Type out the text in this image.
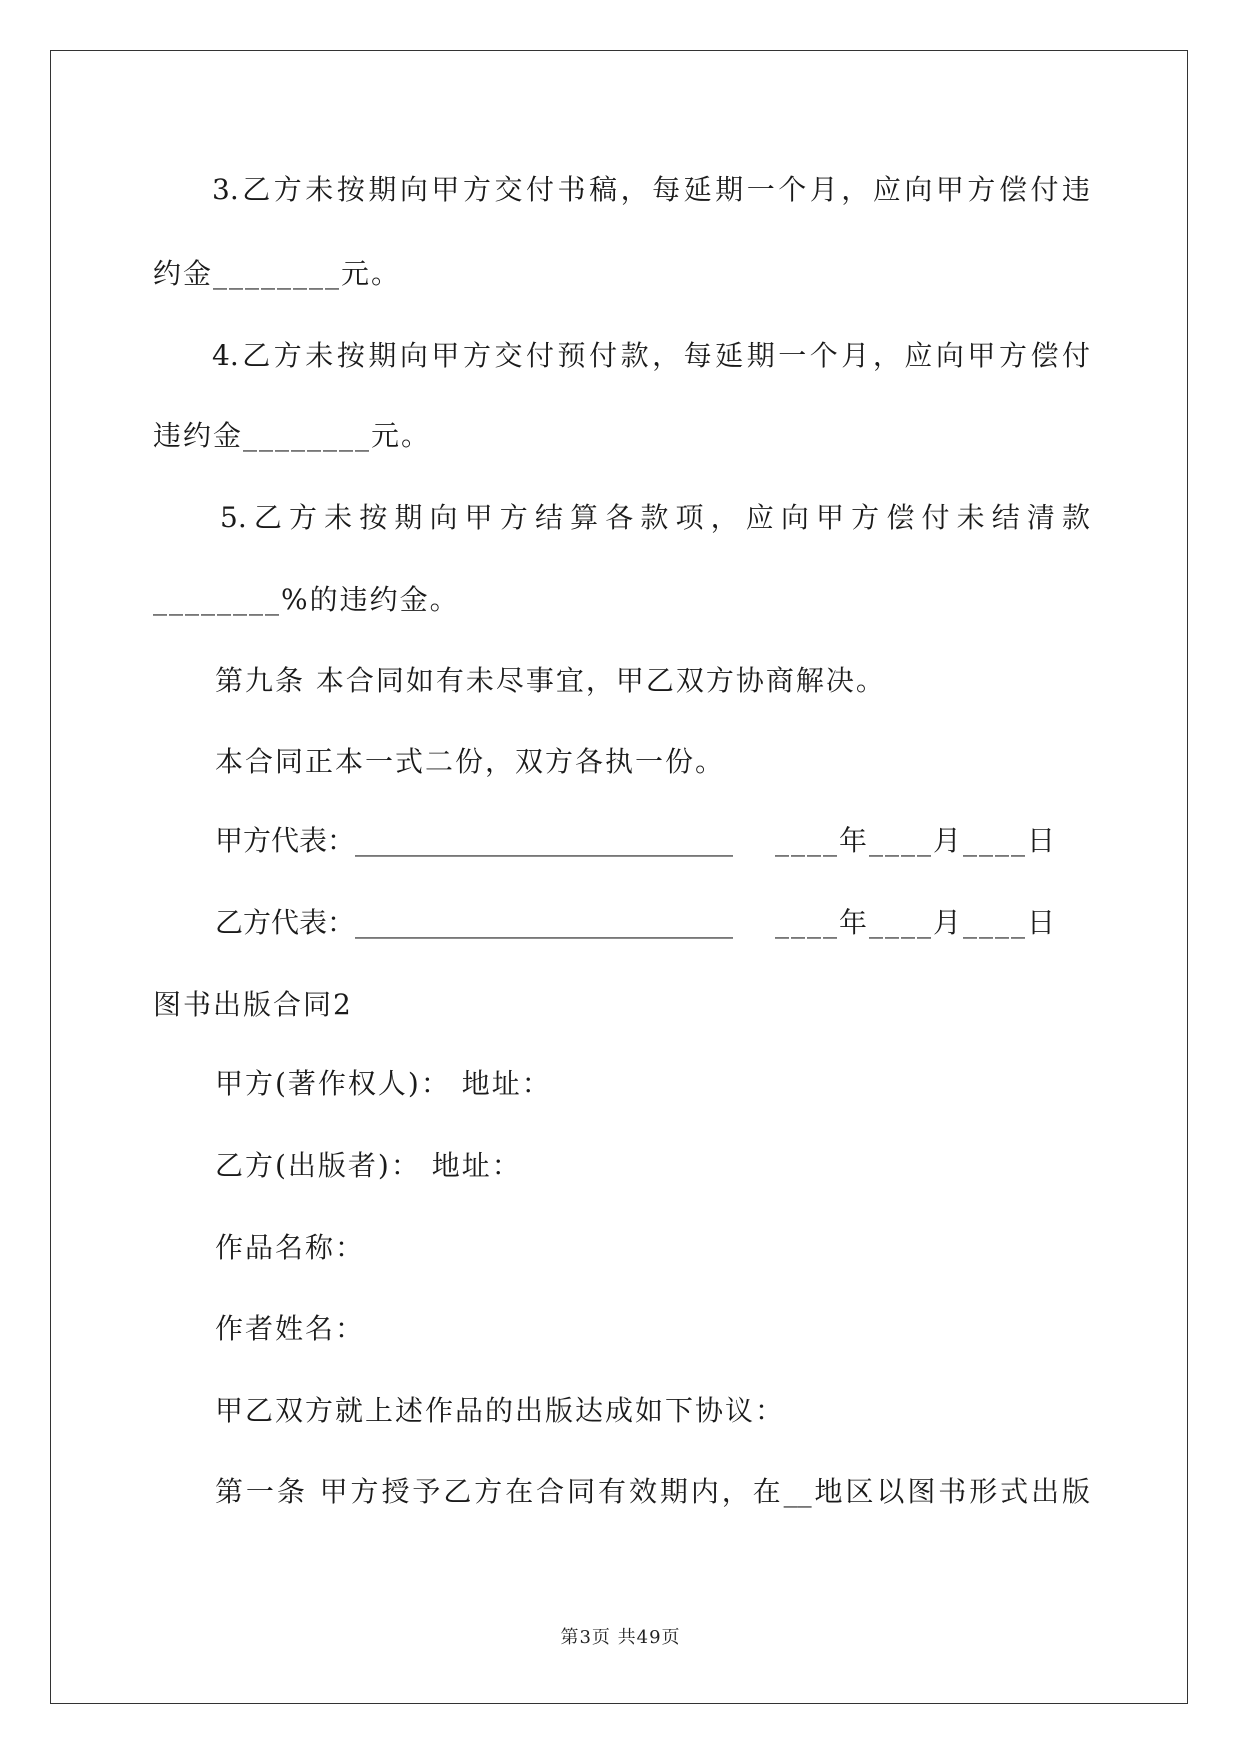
3.乙方未按期向甲方交付书稿，每延期一个月，应向甲方偿付违
约金________元。
4.乙方未按期向甲方交付预付款，每延期一个月，应向甲方偿付
违约金________元。
5.乙方未按期向甲方结算各款项，应向甲方偿付未结清款
________%的违约金。
第九条 本合同如有未尽事宜，甲乙双方协商解决。
本合同正本一式二份，双方各执一份。
甲方代表：___________________________ ____年____月____日
乙方代表：___________________________ ____年____月____日
图书出版合同2
甲方(著作权人)： 地址：
乙方(出版者)： 地址：
作品名称：
作者姓名：
甲乙双方就上述作品的出版达成如下协议：
第一条 甲方授予乙方在合同有效期内，在__地区以图书形式出版
第3页 共49页
